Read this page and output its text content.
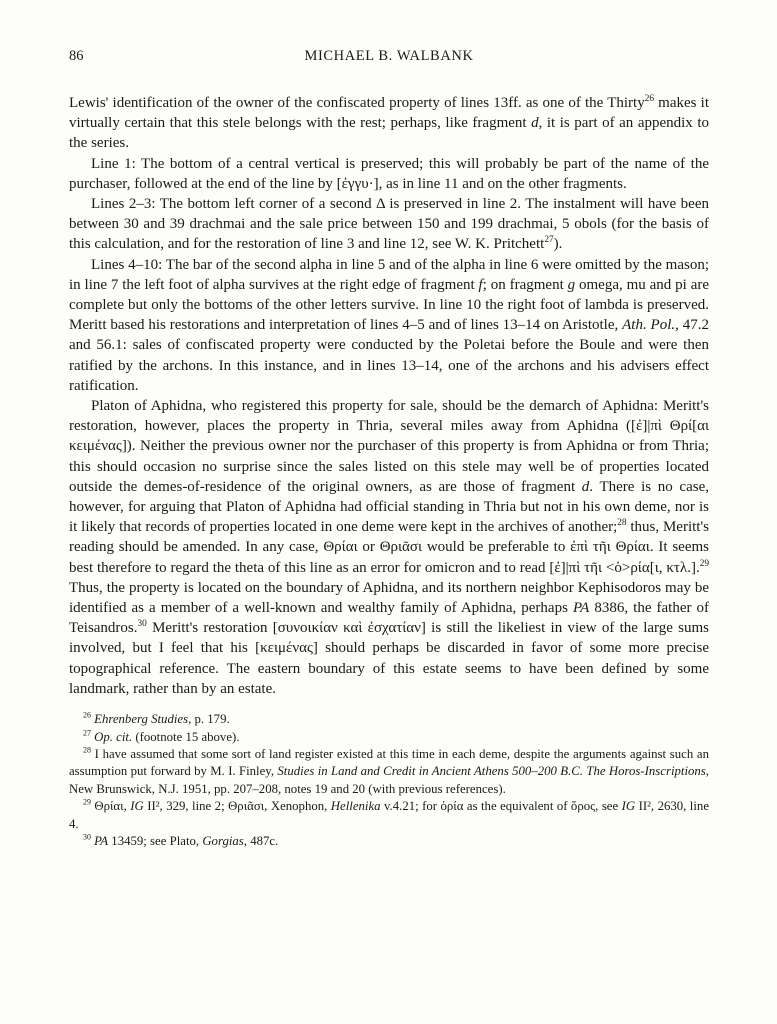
86	MICHAEL B. WALBANK

Lewis' identification of the owner of the confiscated property of lines 13ff. as one of the Thirty$^{26}$ makes it virtually certain that this stele belongs with the rest; perhaps, like fragment d, it is part of an appendix to the series.

Line 1: The bottom of a central vertical is preserved; this will probably be part of the name of the purchaser, followed at the end of the line by [ἐγγυ·], as in line 11 and on the other fragments.

Lines 2–3: The bottom left corner of a second Δ is preserved in line 2. The instalment will have been between 30 and 39 drachmai and the sale price between 150 and 199 drachmai, 5 obols (for the basis of this calculation, and for the restoration of line 3 and line 12, see W. K. Pritchett$^{27}$).

Lines 4–10: The bar of the second alpha in line 5 and of the alpha in line 6 were omitted by the mason; in line 7 the left foot of alpha survives at the right edge of fragment f; on fragment g omega, mu and pi are complete but only the bottoms of the other letters survive. In line 10 the right foot of lambda is preserved. Meritt based his restorations and interpretation of lines 4–5 and of lines 13–14 on Aristotle, Ath. Pol., 47.2 and 56.1: sales of confiscated property were conducted by the Poletai before the Boule and were then ratified by the archons. In this instance, and in lines 13–14, one of the archons and his advisers effect ratification.

Platon of Aphidna, who registered this property for sale, should be the demarch of Aphidna: Meritt's restoration, however, places the property in Thria, several miles away from Aphidna ([ἐ]|πὶ Θρί[αι κειμένας]). Neither the previous owner nor the purchaser of this property is from Aphidna or from Thria; this should occasion no surprise since the sales listed on this stele may well be of properties located outside the demes-of-residence of the original owners, as are those of fragment d. There is no case, however, for arguing that Platon of Aphidna had official standing in Thria but not in his own deme, nor is it likely that records of properties located in one deme were kept in the archives of another;$^{28}$ thus, Meritt's reading should be amended. In any case, Θρίαι or Θριᾶσι would be preferable to ἐπὶ τῆι Θρίαι. It seems best therefore to regard the theta of this line as an error for omicron and to read [ἐ]|πὶ τῆι <ὁ>ρία[ι, κτλ.].$^{29}$ Thus, the property is located on the boundary of Aphidna, and its northern neighbor Kephisodoros may be identified as a member of a well-known and wealthy family of Aphidna, perhaps PA 8386, the father of Teisandros.$^{30}$ Meritt's restoration [συνοικίαν καὶ ἐσχατίαν] is still the likeliest in view of the large sums involved, but I feel that his [κειμένας] should perhaps be discarded in favor of some more precise topographical reference. The eastern boundary of this estate seems to have been defined by some landmark, rather than by an estate.

$^{26}$ Ehrenberg Studies, p. 179.

$^{27}$ Op. cit. (footnote 15 above).

$^{28}$ I have assumed that some sort of land register existed at this time in each deme, despite the arguments against such an assumption put forward by M. I. Finley, Studies in Land and Credit in Ancient Athens 500–200 B.C. The Horos-Inscriptions, New Brunswick, N.J. 1951, pp. 207–208, notes 19 and 20 (with previous references).

$^{29}$ Θρίαι, IG II², 329, line 2; Θριᾶσι, Xenophon, Hellenika v.4.21; for ὁρία as the equivalent of ὅρος, see IG II², 2630, line 4.

$^{30}$ PA 13459; see Plato, Gorgias, 487c.
